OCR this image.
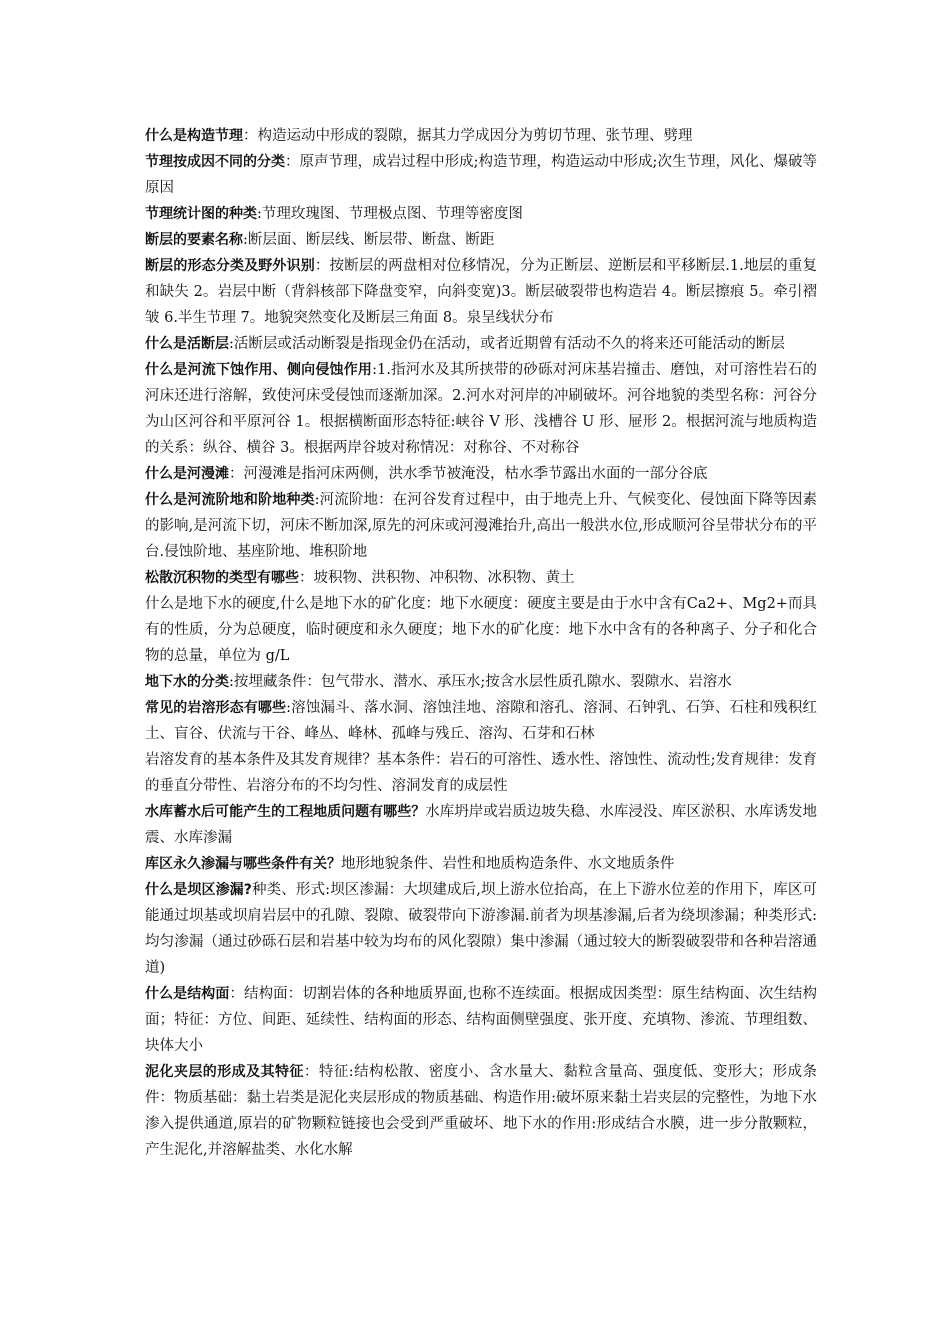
什么是构造节理：构造运动中形成的裂隙，据其力学成因分为剪切节理、张节理、劈理

节理按成因不同的分类：原声节理，成岩过程中形成;构造节理，构造运动中形成;次生节理，风化、爆破等原因

节理统计图的种类:节理玫瑰图、节理极点图、节理等密度图

断层的要素名称:断层面、断层线、断层带、断盘、断距

断层的形态分类及野外识别：按断层的两盘相对位移情况，分为正断层、逆断层和平移断层.1.地层的重复和缺失 2。岩层中断（背斜核部下降盘变窄，向斜变宽)3。断层破裂带也构造岩 4。断层擦痕 5。牵引褶皱 6.半生节理 7。地貌突然变化及断层三角面 8。泉呈线状分布

什么是活断层:活断层或活动断裂是指现金仍在活动，或者近期曾有活动不久的将来还可能活动的断层

什么是河流下蚀作用、侧向侵蚀作用:1.指河水及其所挟带的砂砾对河床基岩撞击、磨蚀，对可溶性岩石的河床还进行溶解，致使河床受侵蚀而逐渐加深。2.河水对河岸的冲刷破坏。河谷地貌的类型名称：河谷分为山区河谷和平原河谷 1。根据横断面形态特征:峡谷 V 形、浅槽谷 U 形、屉形 2。根据河流与地质构造的关系：纵谷、横谷 3。根据两岸谷坡对称情况：对称谷、不对称谷

什么是河漫滩：河漫滩是指河床两侧，洪水季节被淹没，枯水季节露出水面的一部分谷底

什么是河流阶地和阶地种类:河流阶地：在河谷发育过程中，由于地壳上升、气候变化、侵蚀面下降等因素的影响,是河流下切，河床不断加深,原先的河床或河漫滩抬升,高出一般洪水位,形成顺河谷呈带状分布的平台.侵蚀阶地、基座阶地、堆积阶地

松散沉积物的类型有哪些：坡积物、洪积物、冲积物、冰积物、黄土

什么是地下水的硬度,什么是地下水的矿化度：地下水硬度：硬度主要是由于水中含有Ca2+、Mg2+而具有的性质，分为总硬度，临时硬度和永久硬度；地下水的矿化度：地下水中含有的各种离子、分子和化合物的总量，单位为 g/L

地下水的分类:按埋藏条件：包气带水、潜水、承压水;按含水层性质孔隙水、裂隙水、岩溶水

常见的岩溶形态有哪些:溶蚀漏斗、落水洞、溶蚀洼地、溶隙和溶孔、溶洞、石钟乳、石笋、石柱和残积红土、盲谷、伏流与干谷、峰丛、峰林、孤峰与残丘、溶沟、石芽和石林

岩溶发育的基本条件及其发育规律？基本条件：岩石的可溶性、透水性、溶蚀性、流动性;发育规律：发育的垂直分带性、岩溶分布的不均匀性、溶洞发育的成层性

水库蓄水后可能产生的工程地质问题有哪些？水库坍岸或岩质边坡失稳、水库浸没、库区淤积、水库诱发地震、水库渗漏

库区永久渗漏与哪些条件有关？地形地貌条件、岩性和地质构造条件、水文地质条件

什么是坝区渗漏?种类、形式:坝区渗漏：大坝建成后,坝上游水位抬高，在上下游水位差的作用下，库区可能通过坝基或坝肩岩层中的孔隙、裂隙、破裂带向下游渗漏.前者为坝基渗漏,后者为绕坝渗漏；种类形式:均匀渗漏（通过砂砾石层和岩基中较为均布的风化裂隙）集中渗漏（通过较大的断裂破裂带和各种岩溶通道)

什么是结构面：结构面：切割岩体的各种地质界面,也称不连续面。根据成因类型：原生结构面、次生结构面；特征：方位、间距、延续性、结构面的形态、结构面侧壁强度、张开度、充填物、渗流、节理组数、块体大小

泥化夹层的形成及其特征：特征:结构松散、密度小、含水量大、黏粒含量高、强度低、变形大；形成条件：物质基础：黏土岩类是泥化夹层形成的物质基础、构造作用:破坏原来黏土岩夹层的完整性，为地下水渗入提供通道,原岩的矿物颗粒链接也会受到严重破坏、地下水的作用:形成结合水膜，进一步分散颗粒，产生泥化,并溶解盐类、水化水解
